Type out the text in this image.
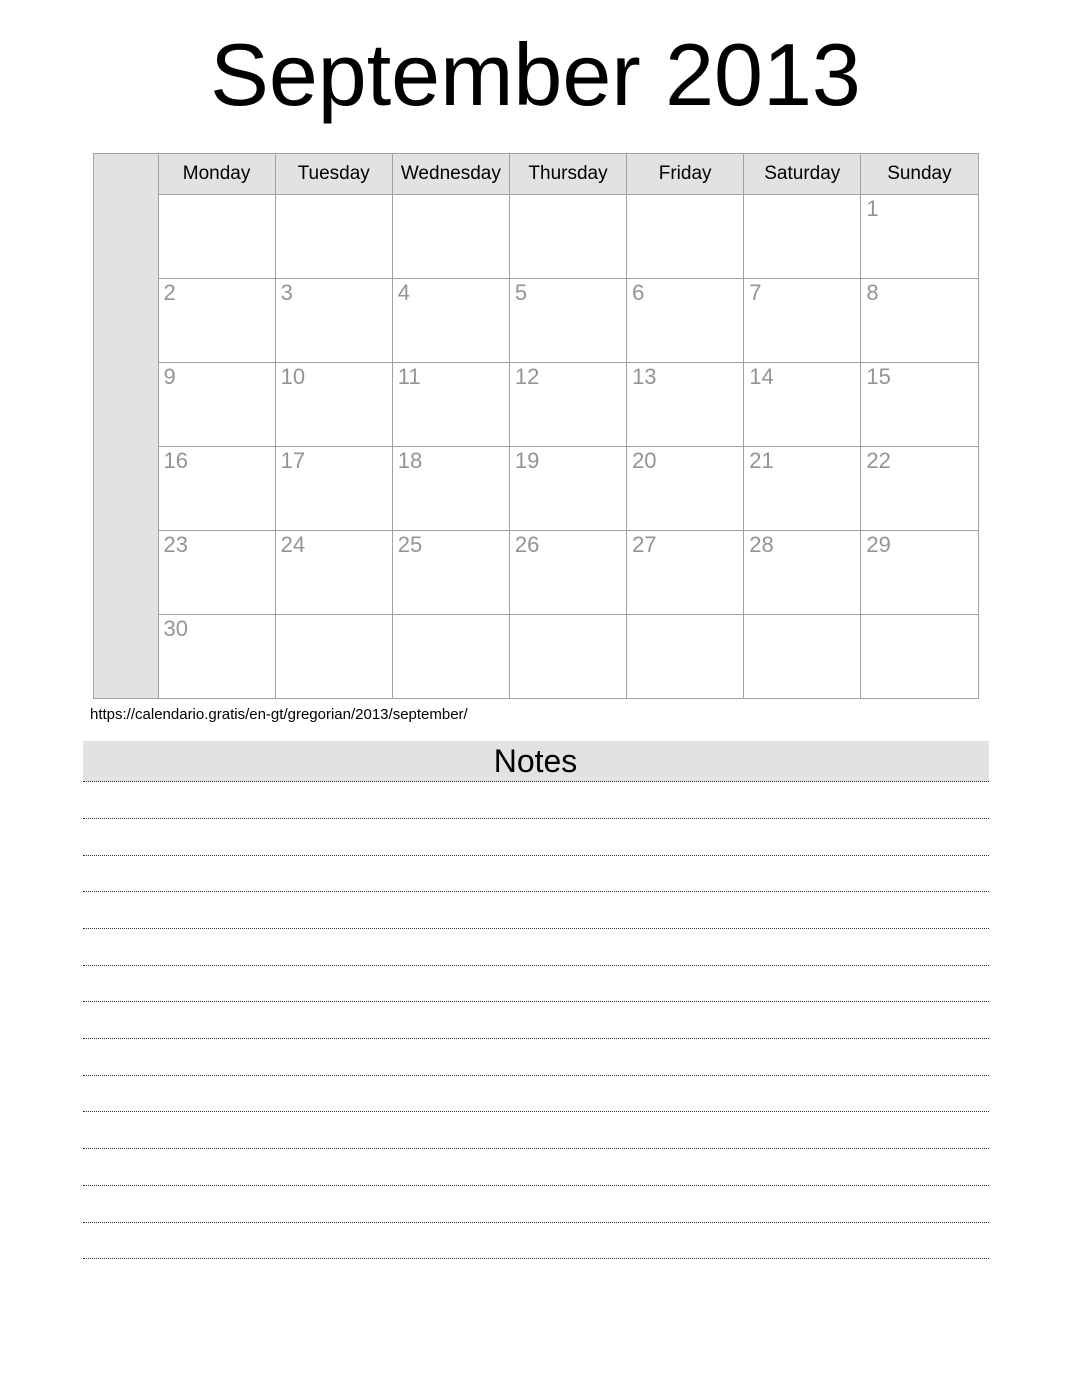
September 2013
	Monday	Tuesday	Wednesday	Thursday	Friday	Saturday	Sunday
							1
	2	3	4	5	6	7	8
	9	10	11	12	13	14	15
	16	17	18	19	20	21	22
	23	24	25	26	27	28	29
	30						
https://calendario.gratis/en-gt/gregorian/2013/september/
Notes
